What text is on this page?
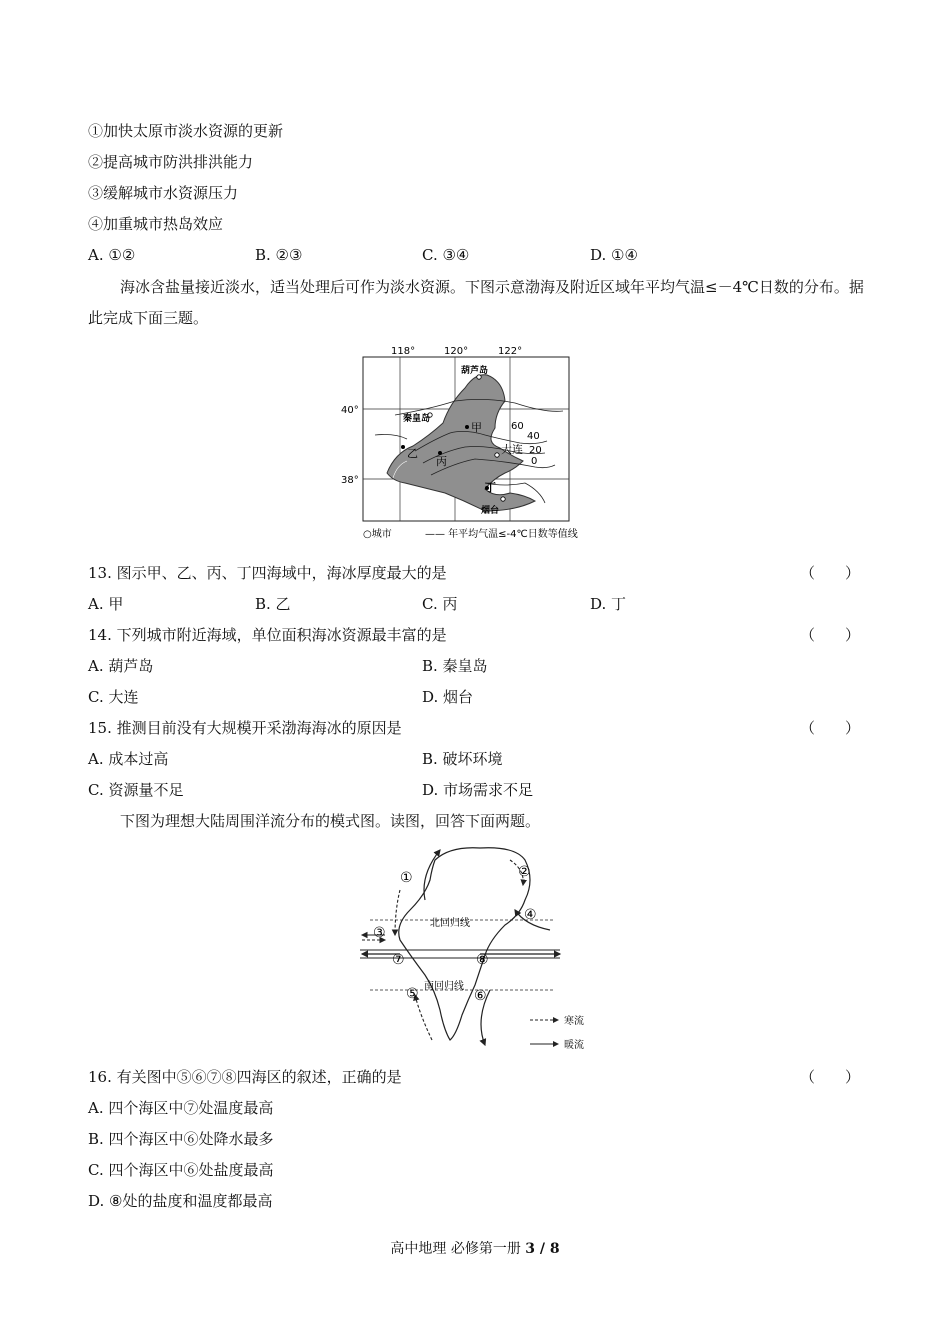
①加快太原市淡水资源的更新
②提高城市防洪排洪能力
③缓解城市水资源压力
④加重城市热岛效应
A. ①②	B. ②③	C. ③④	D. ①④
海冰含盐量接近淡水，适当处理后可作为淡水资源。下图示意渤海及附近区域年平均气温≤－4℃日数的分布。据此完成下面三题。
118°	120°	122°
40°
38°
葫芦岛
秦皇岛
甲
乙
丙
丁
大连
烟台
60
40
20
0
○城市	—— 年平均气温≤-4℃日数等值线
13. 图示甲、乙、丙、丁四海域中，海冰厚度最大的是	（　　）
A. 甲	B. 乙	C. 丙	D. 丁
14. 下列城市附近海域，单位面积海冰资源最丰富的是	（　　）
A. 葫芦岛	B. 秦皇岛
C. 大连	D. 烟台
15. 推测目前没有大规模开采渤海海冰的原因是	（　　）
A. 成本过高	B. 破坏环境
C. 资源量不足	D. 市场需求不足
下图为理想大陆周围洋流分布的模式图。读图，回答下面两题。
①	②
③
④
⑤	⑥
⑦	⑧
北回归线
南回归线
寒流
暖流
16. 有关图中⑤⑥⑦⑧四海区的叙述，正确的是	（　　）
A. 四个海区中⑦处温度最高
B. 四个海区中⑥处降水最多
C. 四个海区中⑥处盐度最高
D. ⑧处的盐度和温度都最高
高中地理 必修第一册 3 / 8
